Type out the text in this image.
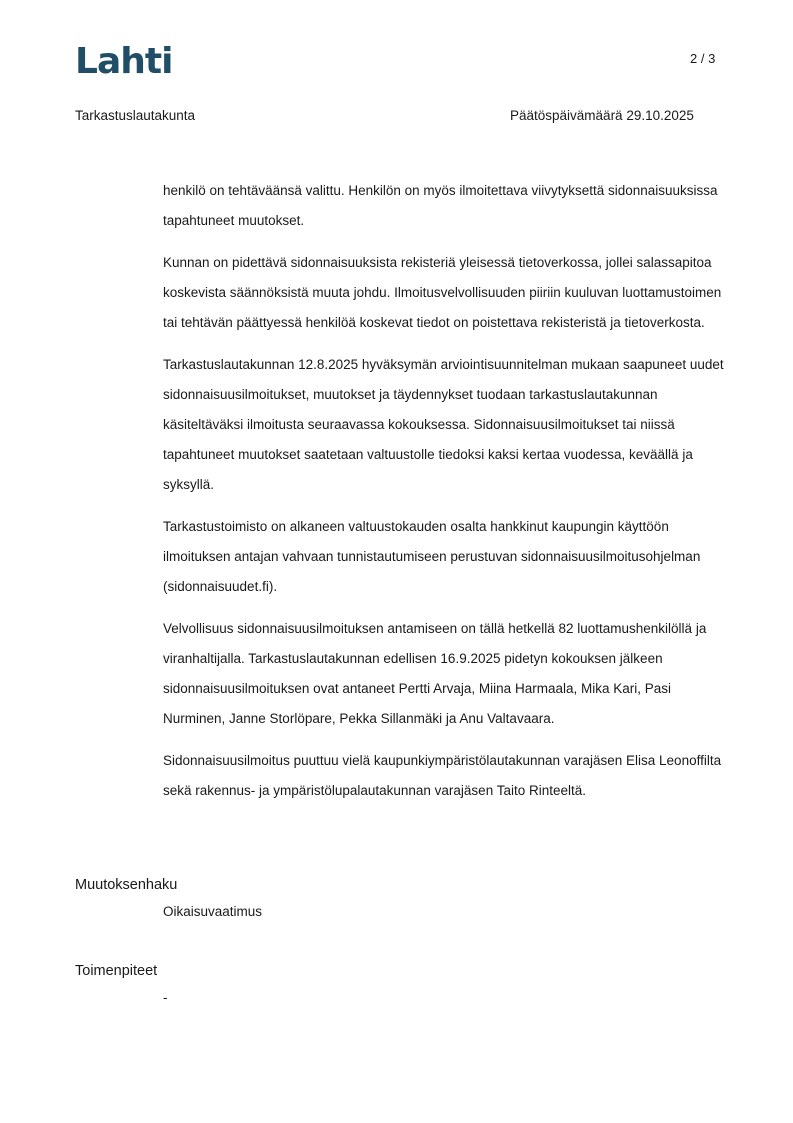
Lahti	2 / 3
Tarkastuslautakunta	Päätöspäivämäärä 29.10.2025

henkilö on tehtäväänsä valittu. Henkilön on myös ilmoitettava viivytyksettä sidonnaisuuksissa tapahtuneet muutokset.

Kunnan on pidettävä sidonnaisuuksista rekisteriä yleisessä tietoverkossa, jollei salassapitoa koskevista säännöksistä muuta johdu. Ilmoitusvelvollisuuden piiriin kuuluvan luottamustoimen tai tehtävän päättyessä henkilöä koskevat tiedot on poistettava rekisteristä ja tietoverkosta.

Tarkastuslautakunnan 12.8.2025 hyväksymän arviointisuunnitelman mukaan saapuneet uudet sidonnaisuusilmoitukset, muutokset ja täydennykset tuodaan tarkastuslautakunnan käsiteltäväksi ilmoitusta seuraavassa kokouksessa. Sidonnaisuusilmoitukset tai niissä tapahtuneet muutokset saatetaan valtuustolle tiedoksi kaksi kertaa vuodessa, keväällä ja syksyllä.

Tarkastustoimisto on alkaneen valtuustokauden osalta hankkinut kaupungin käyttöön ilmoituksen antajan vahvaan tunnistautumiseen perustuvan sidonnaisuusilmoitusohjelman (sidonnaisuudet.fi).

Velvollisuus sidonnaisuusilmoituksen antamiseen on tällä hetkellä 82 luottamushenkilöllä ja viranhaltijalla. Tarkastuslautakunnan edellisen 16.9.2025 pidetyn kokouksen jälkeen sidonnaisuusilmoituksen ovat antaneet Pertti Arvaja, Miina Harmaala, Mika Kari, Pasi Nurminen, Janne Storlöpare, Pekka Sillanmäki ja Anu Valtavaara.

Sidonnaisuusilmoitus puuttuu vielä kaupunkiympäristölautakunnan varajäsen Elisa Leonoffilta sekä rakennus- ja ympäristölupalautakunnan varajäsen Taito Rinteeltä.

Muutoksenhaku
Oikaisuvaatimus
Toimenpiteet
-
